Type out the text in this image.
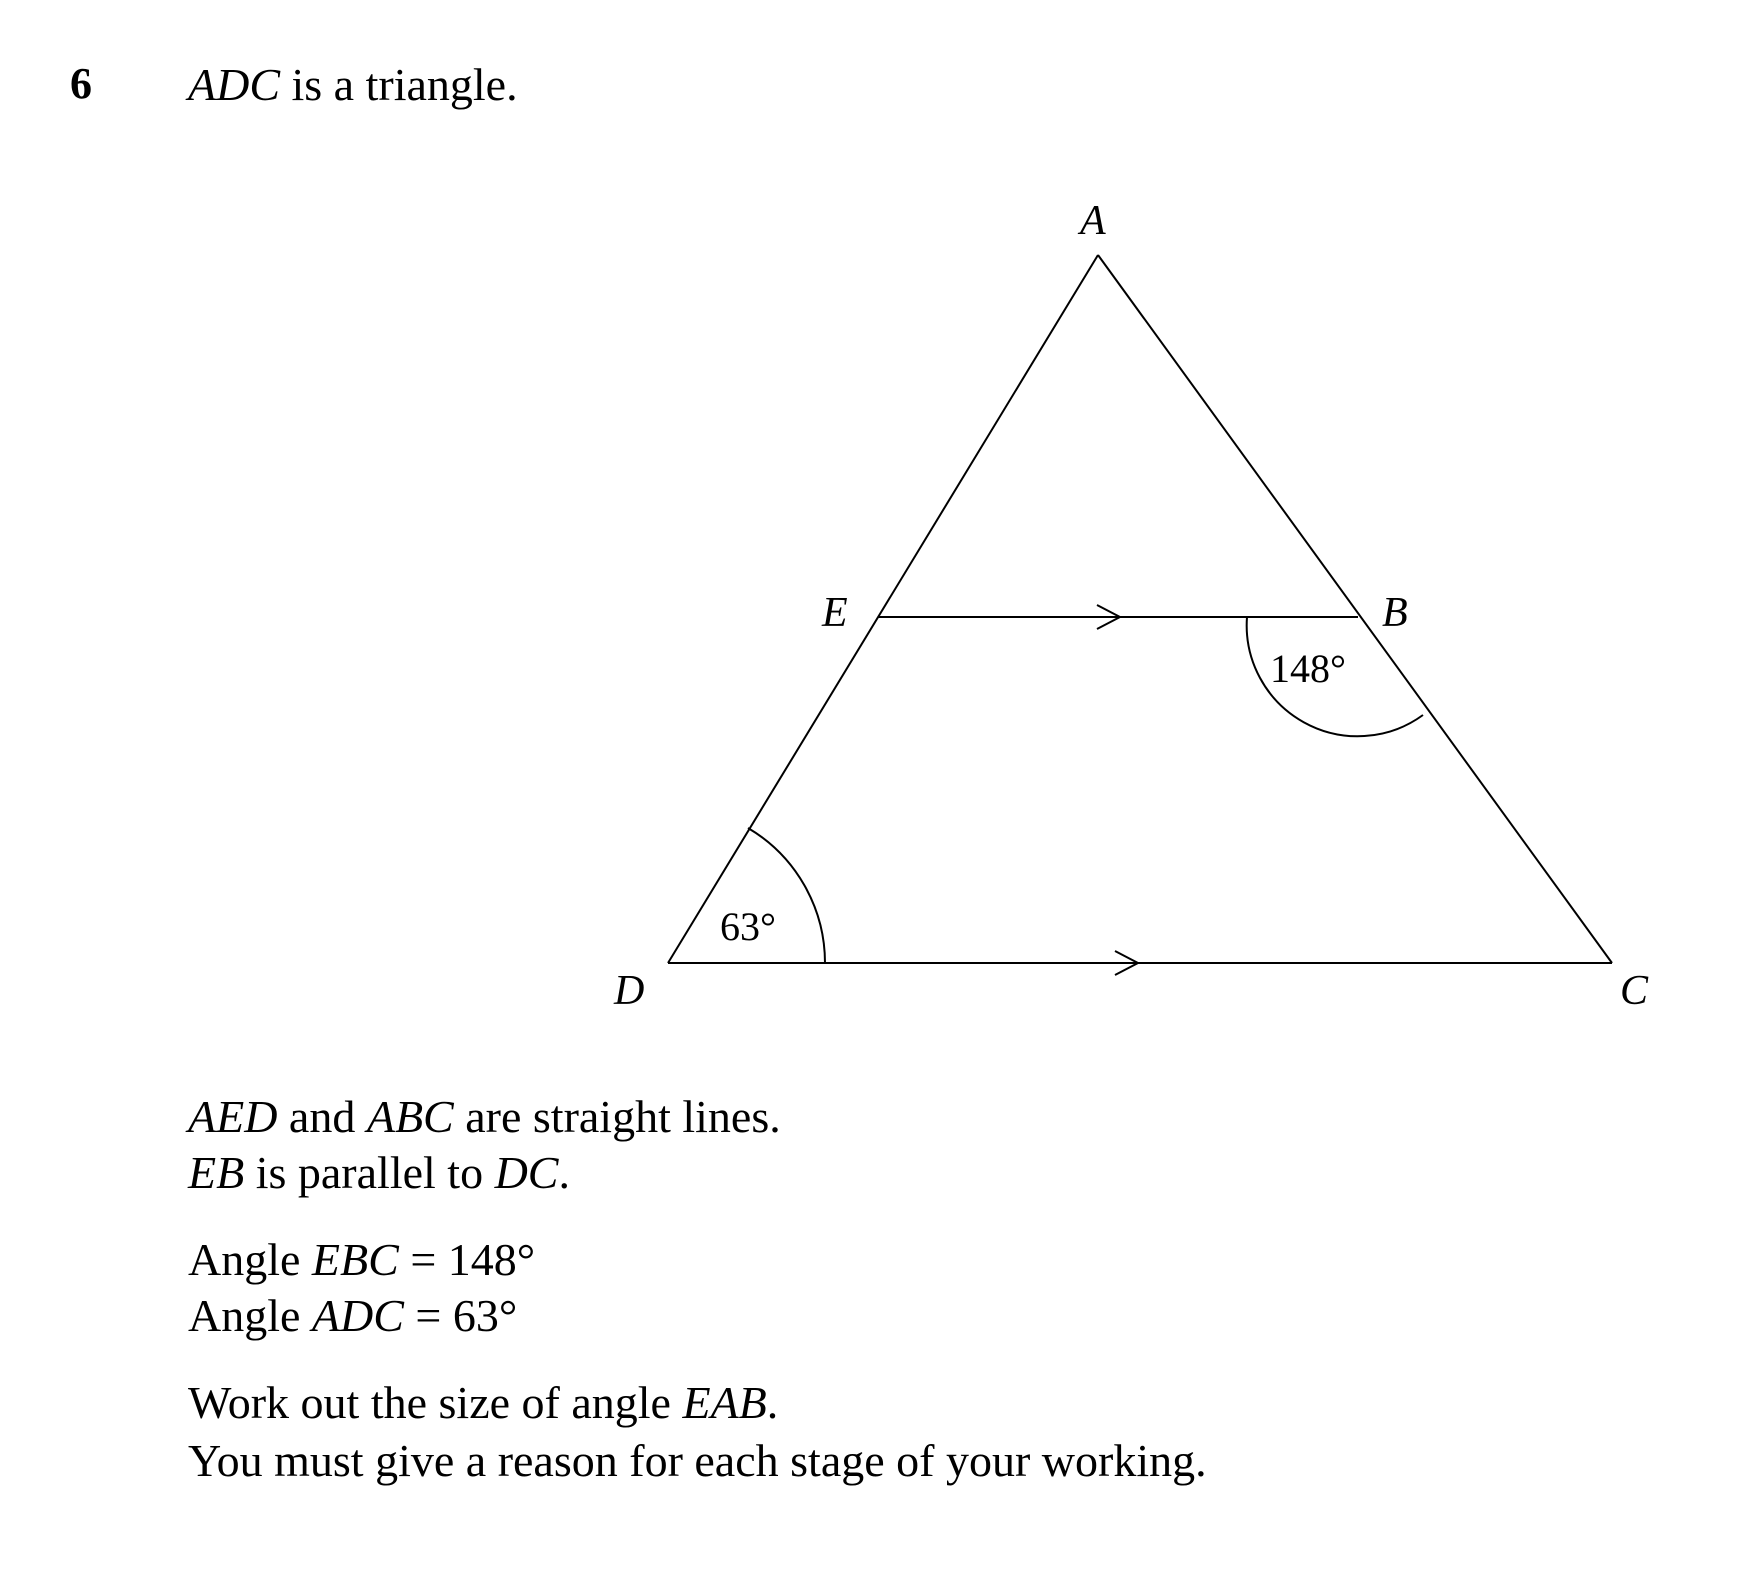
6 ADC is a triangle.
A
E	B
D	C
148°
63°
AED and ABC are straight lines.
EB is parallel to DC.
Angle EBC = 148°
Angle ADC = 63°
Work out the size of angle EAB.
You must give a reason for each stage of your working.
